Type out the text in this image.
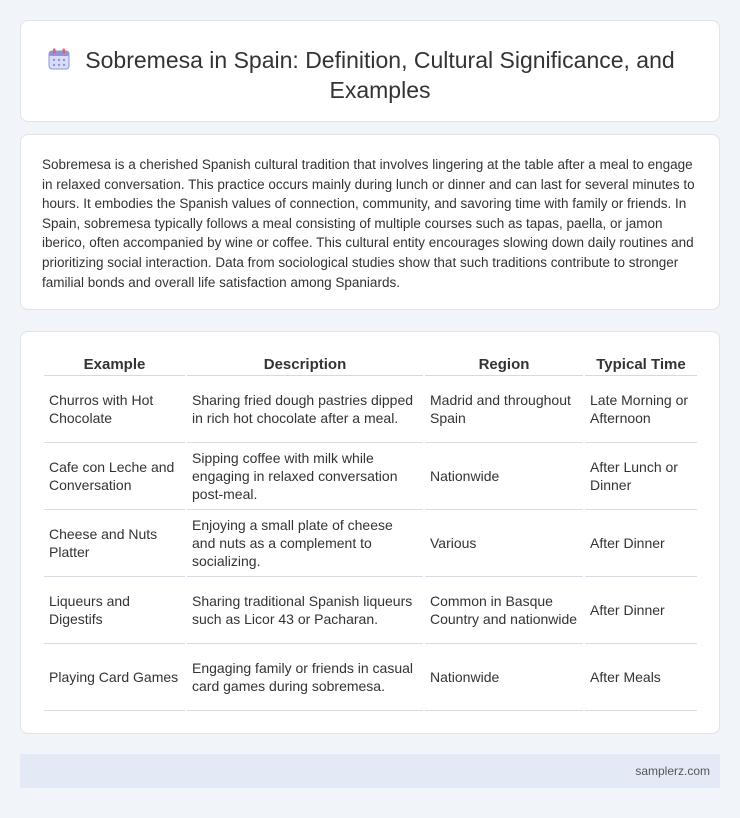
Sobremesa in Spain: Definition, Cultural Significance, and Examples

Sobremesa is a cherished Spanish cultural tradition that involves lingering at the table after a meal to engage in relaxed conversation. This practice occurs mainly during lunch or dinner and can last for several minutes to hours. It embodies the Spanish values of connection, community, and savoring time with family or friends. In Spain, sobremesa typically follows a meal consisting of multiple courses such as tapas, paella, or jamon iberico, often accompanied by wine or coffee. This cultural entity encourages slowing down daily routines and prioritizing social interaction. Data from sociological studies show that such traditions contribute to stronger familial bonds and overall life satisfaction among Spaniards.

Example	Description	Region	Typical Time
Churros with Hot Chocolate	Sharing fried dough pastries dipped in rich hot chocolate after a meal.	Madrid and throughout Spain	Late Morning or Afternoon
Cafe con Leche and Conversation	Sipping coffee with milk while engaging in relaxed conversation post-meal.	Nationwide	After Lunch or Dinner
Cheese and Nuts Platter	Enjoying a small plate of cheese and nuts as a complement to socializing.	Various	After Dinner
Liqueurs and Digestifs	Sharing traditional Spanish liqueurs such as Licor 43 or Pacharan.	Common in Basque Country and nationwide	After Dinner
Playing Card Games	Engaging family or friends in casual card games during sobremesa.	Nationwide	After Meals
samplerz.com
